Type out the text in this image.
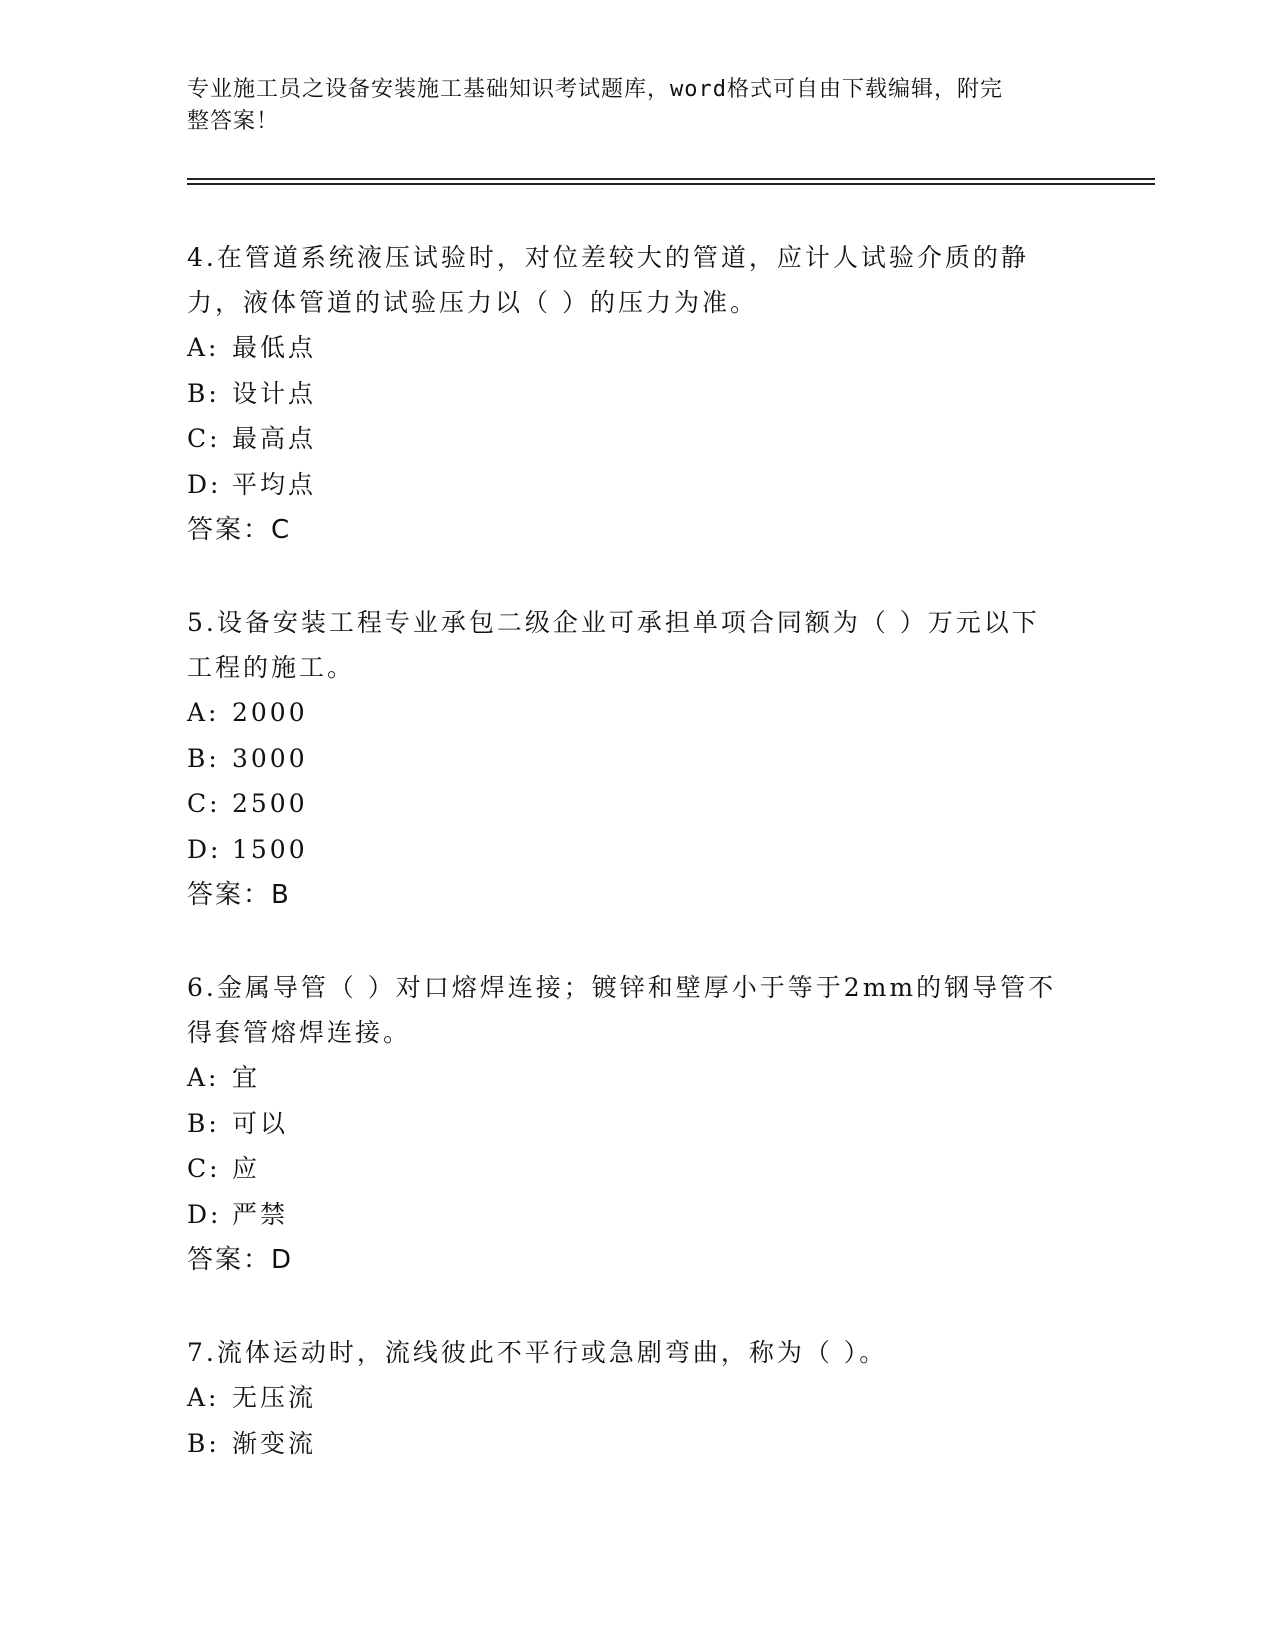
专业施工员之设备安装施工基础知识考试题库，word格式可自由下载编辑，附完
整答案！
4.在管道系统液压试验时，对位差较大的管道，应计人试验介质的静
力，液体管道的试验压力以（ ）的压力为准。
A: 最低点
B: 设计点
C: 最高点
D: 平均点
答案：C
5.设备安装工程专业承包二级企业可承担单项合同额为（ ）万元以下
工程的施工。
A: 2000
B: 3000
C: 2500
D: 1500
答案：B
6.金属导管（ ）对口熔焊连接；镀锌和壁厚小于等于2mm的钢导管不
得套管熔焊连接。
A: 宜
B: 可以
C: 应
D: 严禁
答案：D
7.流体运动时，流线彼此不平行或急剧弯曲，称为（ ）。
A: 无压流
B: 渐变流
